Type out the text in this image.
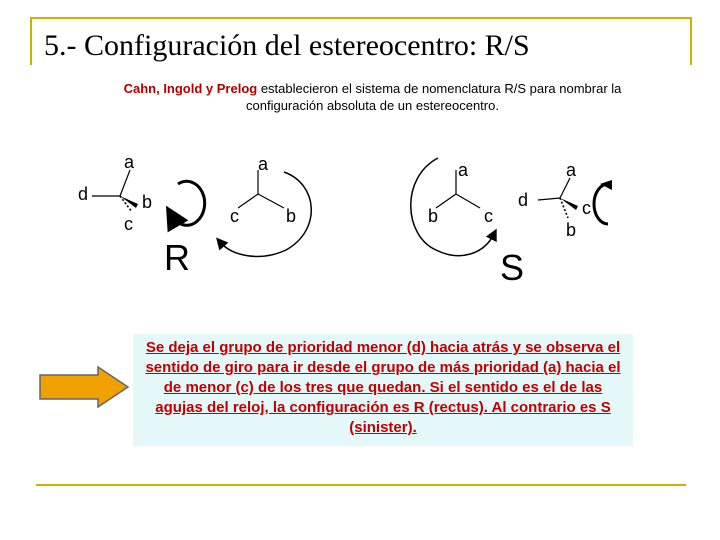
5.- Configuración del estereocentro: R/S
Cahn, Ingold y Prelog establecieron el sistema de nomenclatura R/S para nombrar la configuración absoluta de un estereocentro.
a
d	b
c
R
a
c	b
a
b	c
S
a
d	c
b
Se deja el grupo de prioridad menor (d) hacia atrás y se observa el sentido de giro para ir desde el grupo de más prioridad (a) hacia el de menor (c) de los tres que quedan. Si el sentido es el de las agujas del reloj, la configuración es R (rectus). Al contrario es S (sinister).
